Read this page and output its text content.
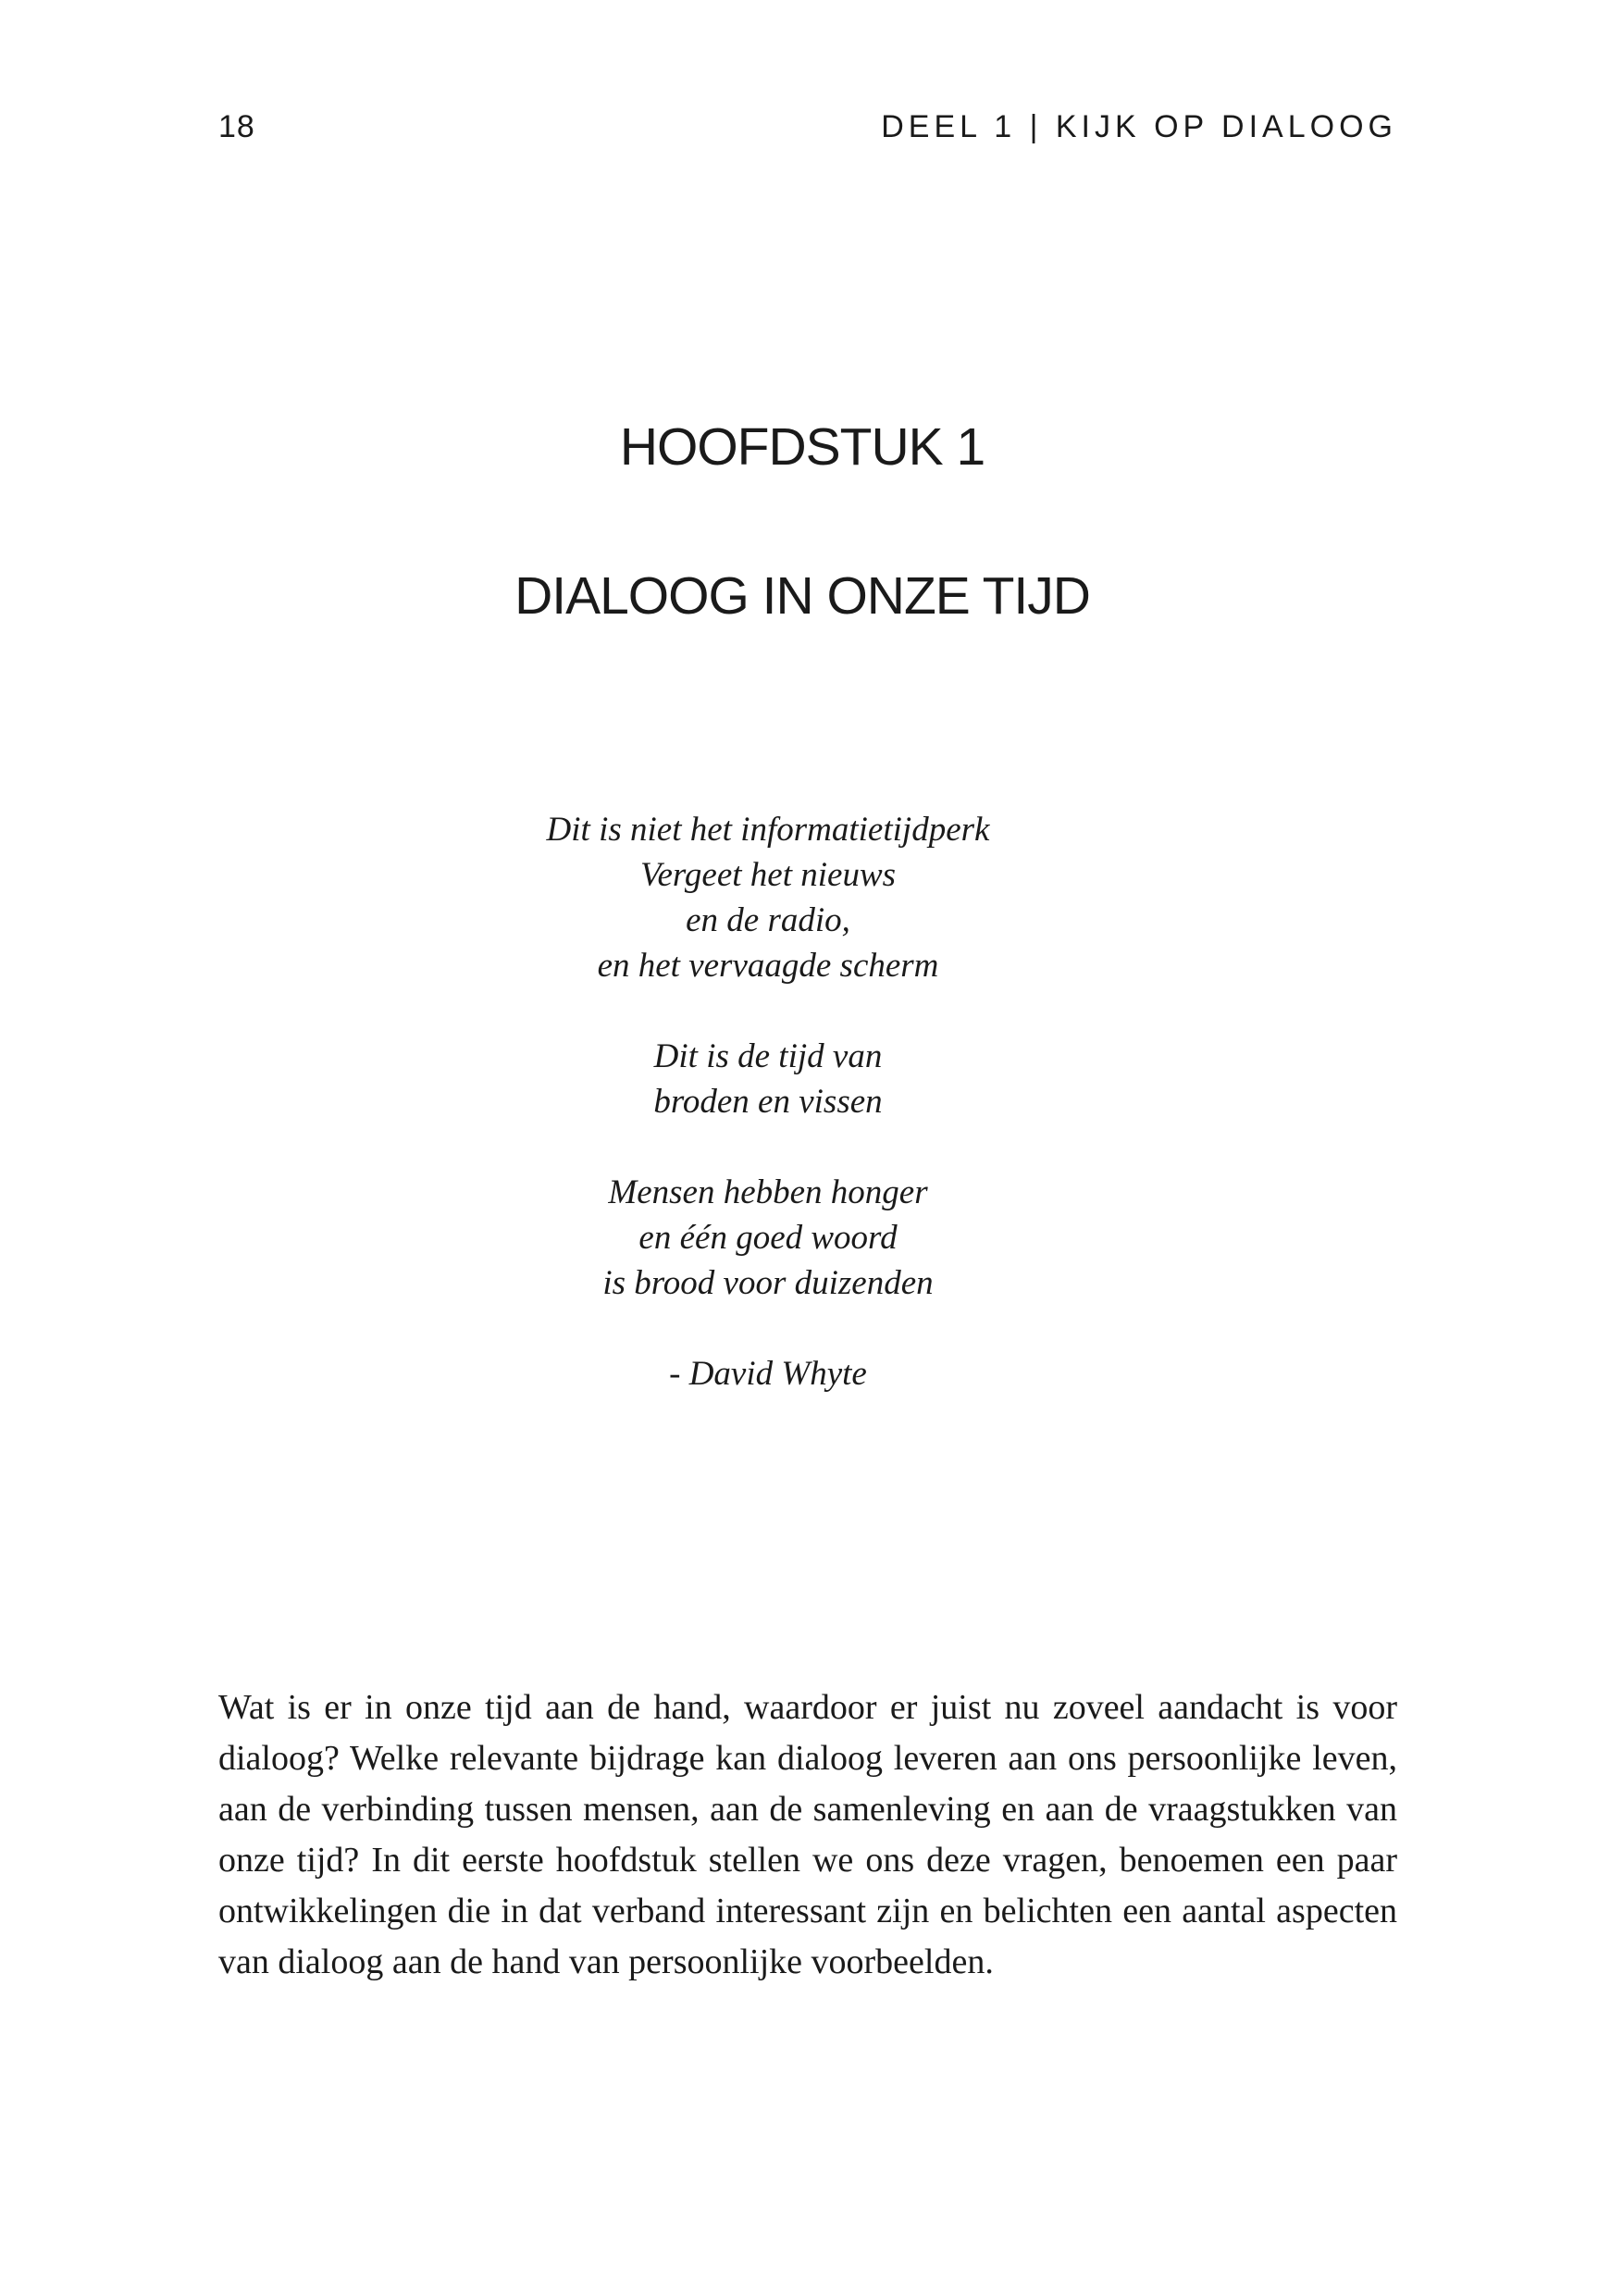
18	DEEL 1 | KIJK OP DIALOOG
HOOFDSTUK 1
DIALOOG IN ONZE TIJD
Dit is niet het informatietijdperk
Vergeet het nieuws
en de radio,
en het vervaagde scherm
Dit is de tijd van
broden en vissen
Mensen hebben honger
en één goed woord
is brood voor duizenden
- David Whyte

Wat is er in onze tijd aan de hand, waardoor er juist nu zoveel aandacht is voor dialoog? Welke relevante bijdrage kan dialoog leveren aan ons persoonlijke leven, aan de verbinding tussen mensen, aan de samenleving en aan de vraagstukken van onze tijd? In dit eerste hoofdstuk stellen we ons deze vragen, benoemen een paar ontwikkelingen die in dat verband interessant zijn en belichten een aantal aspecten van dialoog aan de hand van persoonlijke voorbeelden.
